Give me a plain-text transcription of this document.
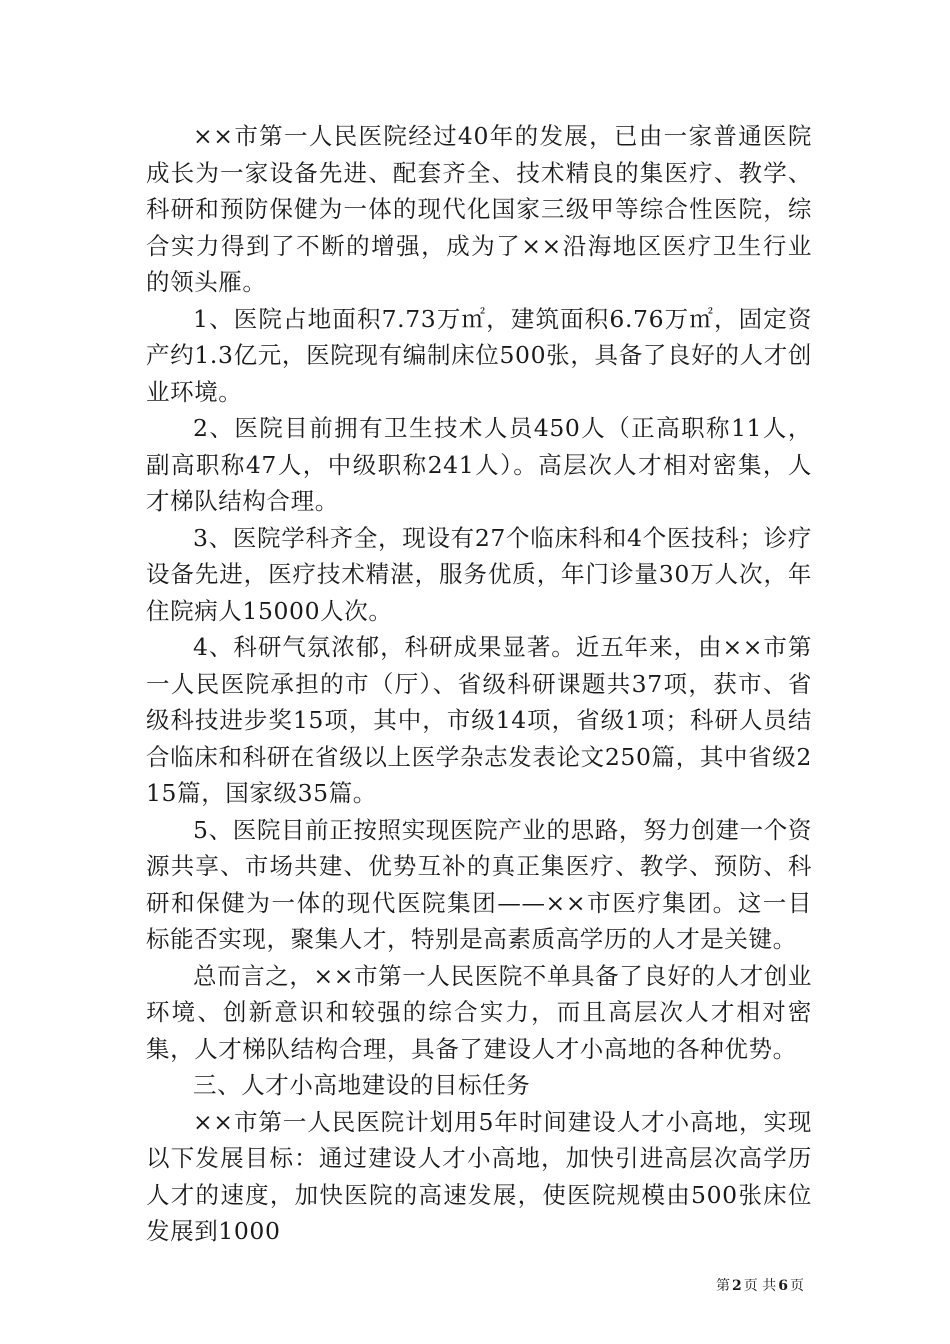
××市第一人民医院经过40年的发展，已由一家普通医院成长为一家设备先进、配套齐全、技术精良的集医疗、教学、科研和预防保健为一体的现代化国家三级甲等综合性医院，综合实力得到了不断的增强，成为了××沿海地区医疗卫生行业的领头雁。

1、医院占地面积7.73万㎡，建筑面积6.76万㎡，固定资产约1.3亿元，医院现有编制床位500张，具备了良好的人才创业环境。

2、医院目前拥有卫生技术人员450人（正高职称11人，副高职称47人，中级职称241人）。高层次人才相对密集，人才梯队结构合理。

3、医院学科齐全，现设有27个临床科和4个医技科；诊疗设备先进，医疗技术精湛，服务优质，年门诊量30万人次，年住院病人15000人次。

4、科研气氛浓郁，科研成果显著。近五年来，由××市第一人民医院承担的市（厅）、省级科研课题共37项，获市、省级科技进步奖15项，其中，市级14项，省级1项；科研人员结合临床和科研在省级以上医学杂志发表论文250篇，其中省级215篇，国家级35篇。

5、医院目前正按照实现医院产业的思路，努力创建一个资源共享、市场共建、优势互补的真正集医疗、教学、预防、科研和保健为一体的现代医院集团——××市医疗集团。这一目标能否实现，聚集人才，特别是高素质高学历的人才是关键。

总而言之，××市第一人民医院不单具备了良好的人才创业环境、创新意识和较强的综合实力，而且高层次人才相对密集，人才梯队结构合理，具备了建设人才小高地的各种优势。

三、人才小高地建设的目标任务

××市第一人民医院计划用5年时间建设人才小高地，实现以下发展目标：通过建设人才小高地，加快引进高层次高学历人才的速度，加快医院的高速发展，使医院规模由500张床位发展到1000

第 2 页 共 6 页
